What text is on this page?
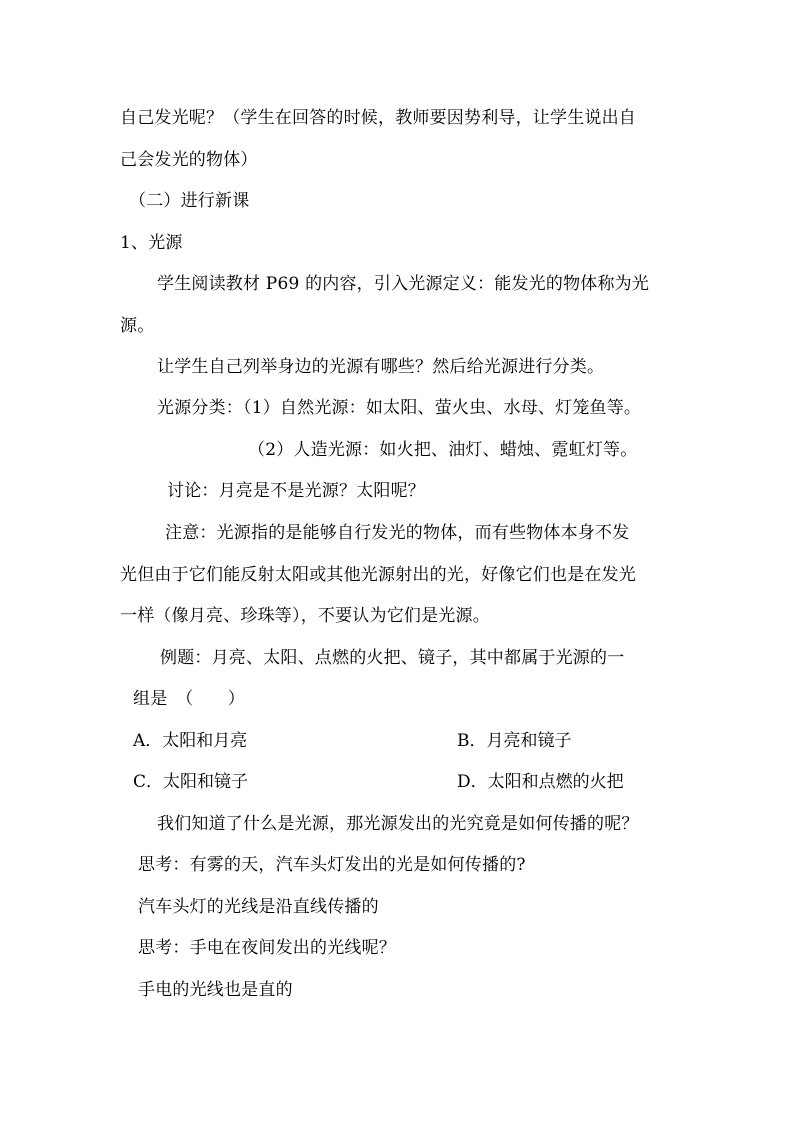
自己发光呢？（学生在回答的时候，教师要因势利导，让学生说出自
己会发光的物体）
（二）进行新课
1、光源
学生阅读教材 P69 的内容，引入光源定义：能发光的物体称为光
源。
让学生自己列举身边的光源有哪些？然后给光源进行分类。
光源分类：（1）自然光源：如太阳、萤火虫、水母、灯笼鱼等。
（2）人造光源：如火把、油灯、蜡烛、霓虹灯等。
讨论：月亮是不是光源？太阳呢？
注意：光源指的是能够自行发光的物体，而有些物体本身不发
光但由于它们能反射太阳或其他光源射出的光，好像它们也是在发光
一样（像月亮、珍珠等），不要认为它们是光源。
例题：月亮、太阳、点燃的火把、镜子，其中都属于光源的一
组是　（　　）
A．太阳和月亮	B．月亮和镜子
C．太阳和镜子	D．太阳和点燃的火把
我们知道了什么是光源，那光源发出的光究竟是如何传播的呢？
思考：有雾的天，汽车头灯发出的光是如何传播的?
汽车头灯的光线是沿直线传播的
思考：手电在夜间发出的光线呢？
手电的光线也是直的
